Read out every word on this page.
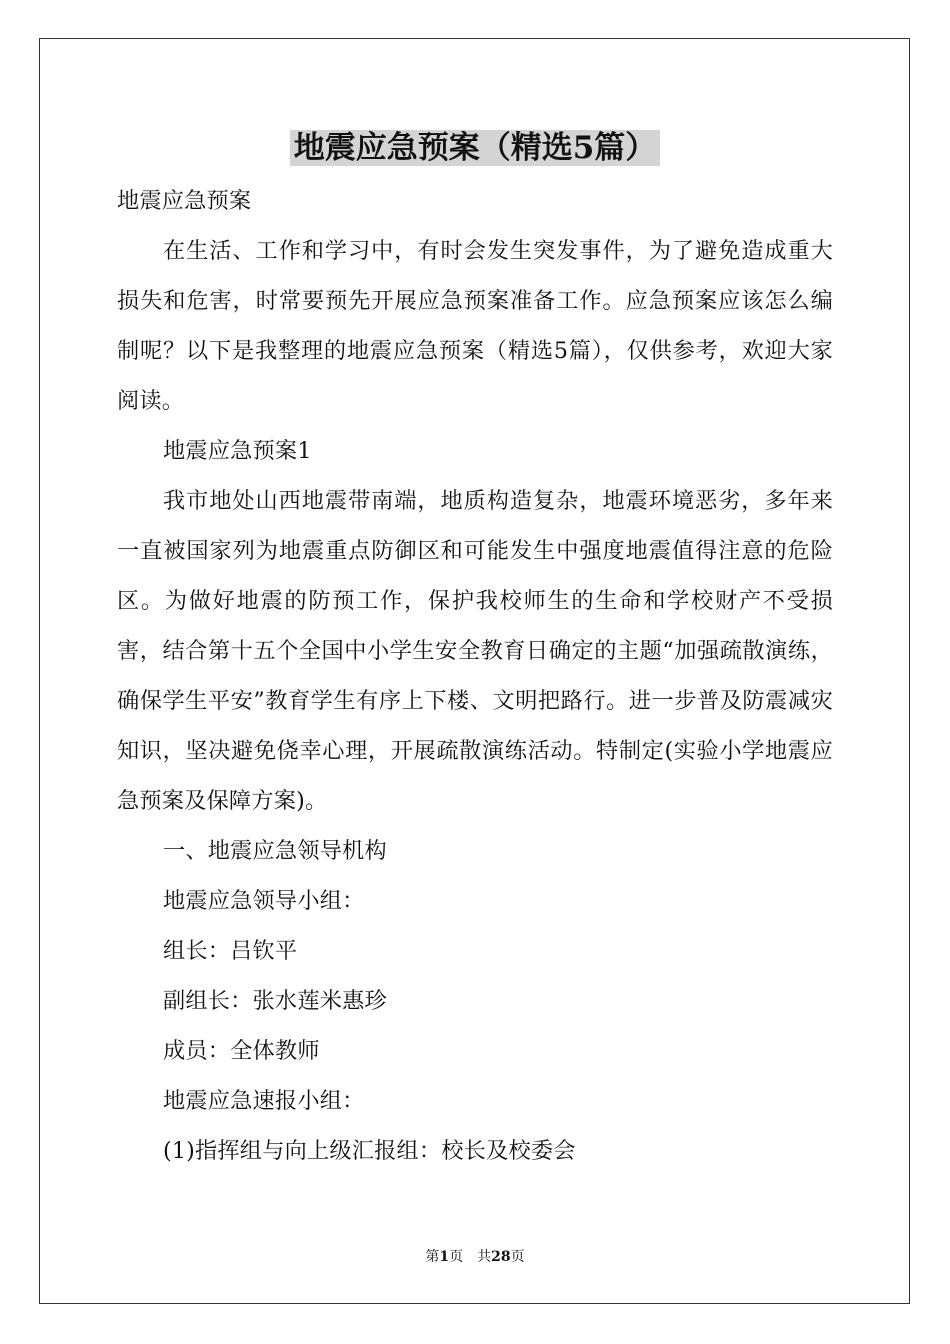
地震应急预案（精选5篇）

地震应急预案

在生活、工作和学习中，有时会发生突发事件，为了避免造成重大损失和危害，时常要预先开展应急预案准备工作。应急预案应该怎么编制呢？以下是我整理的地震应急预案（精选5篇），仅供参考，欢迎大家阅读。

地震应急预案1

我市地处山西地震带南端，地质构造复杂，地震环境恶劣，多年来一直被国家列为地震重点防御区和可能发生中强度地震值得注意的危险区。为做好地震的防预工作，保护我校师生的生命和学校财产不受损害，结合第十五个全国中小学生安全教育日确定的主题“加强疏散演练，确保学生平安”教育学生有序上下楼、文明把路行。进一步普及防震减灾知识，坚决避免侥幸心理，开展疏散演练活动。特制定(实验小学地震应急预案及保障方案)。

一、地震应急领导机构

地震应急领导小组：

组长：吕钦平

副组长：张水莲米惠珍

成员：全体教师

地震应急速报小组：

(1)指挥组与向上级汇报组：校长及校委会

第1页 共28页
